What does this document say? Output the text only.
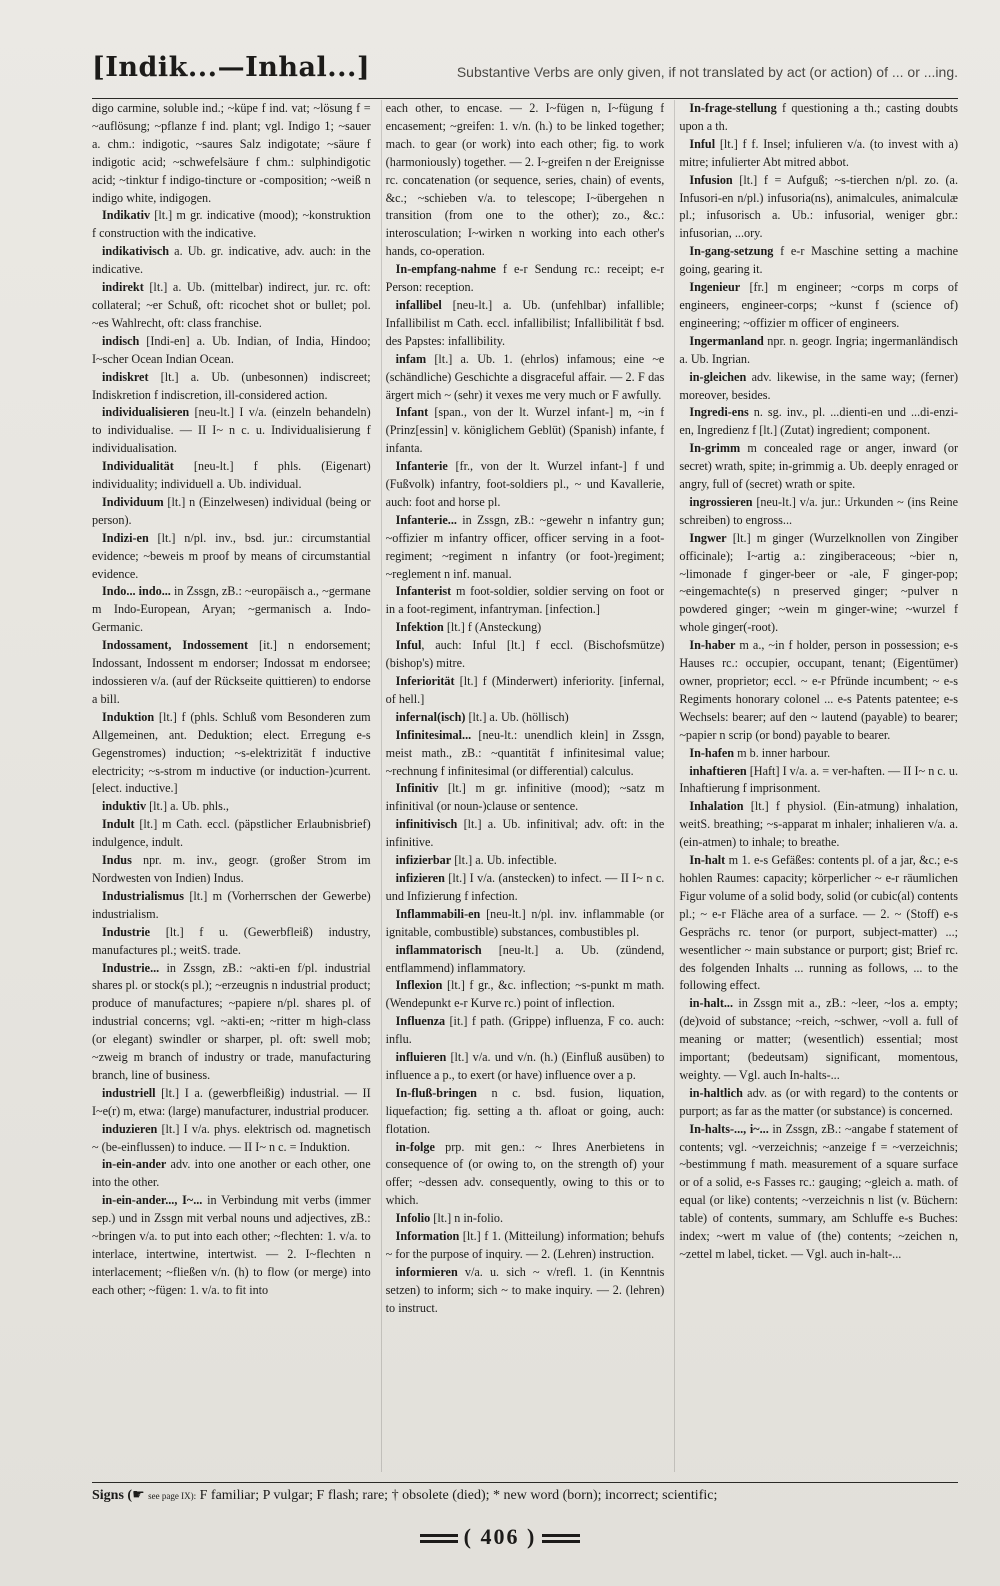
[Indik...—Inhal...]	Substantive Verbs are only given, if not translated by act (or action) of ... or ...ing.

digo carmine, soluble ind.; ~küpe f ind. vat; ~lösung f = ~auflösung; ~pflanze f ind. plant; vgl. Indigo 1; ~sauer a. chm.: indigotic, ~saures Salz indigotate; ~säure f indigotic acid; ~schwefelsäure f chm.: sulphindigotic acid; ~tinktur f indigo-tincture or -composition; ~weiß n indigo white, indigogen.

Indikativ [lt.] m gr. indicative (mood); ~konstruktion f construction with the indicative.

indikativisch a. Ub. gr. indicative, adv. auch: in the indicative.

indirekt [lt.] a. Ub. (mittelbar) indirect, jur. rc. oft: collateral; ~er Schuß, oft: ricochet shot or bullet; pol. ~es Wahlrecht, oft: class franchise.

indisch [Indi-en] a. Ub. Indian, of India, Hindoo; I~scher Ocean Indian Ocean.

indiskret [lt.] a. Ub. (unbesonnen) indiscreet; Indiskretion f indiscretion, ill-considered action.

individualisieren [neu-lt.] I v/a. (einzeln behandeln) to individualise. — II I~ n c. u. Individualisierung f individualisation.

Individualität [neu-lt.] f phls. (Eigenart) individuality; individuell a. Ub. individual.

Individuum [lt.] n (Einzelwesen) individual (being or person).

Indizi-en [lt.] n/pl. inv., bsd. jur.: circumstantial evidence; ~beweis m proof by means of circumstantial evidence.

Indo... indo... in Zssgn, zB.: ~europäisch a., ~germane m Indo-European, Aryan; ~germanisch a. Indo-Germanic.

Indossament, Indossement [it.] n endorsement; Indossant, Indossent m endorser; Indossat m endorsee; indossieren v/a. (auf der Rückseite quittieren) to endorse a bill.

Induktion [lt.] f (phls. Schluß vom Besonderen zum Allgemeinen, ant. Deduktion; elect. Erregung e-s Gegenstromes) induction; ~s-elektrizität f inductive electricity; ~s-strom m inductive (or induction-)current. [elect. inductive.]

induktiv [lt.] a. Ub. phls.,

Indult [lt.] m Cath. eccl. (päpstlicher Erlaubnisbrief) indulgence, indult.

Indus npr. m. inv., geogr. (großer Strom im Nordwesten von Indien) Indus.

Industrialismus [lt.] m (Vorherrschen der Gewerbe) industrialism.

Industrie [lt.] f u. (Gewerbfleiß) industry, manufactures pl.; weitS. trade.

Industrie... in Zssgn, zB.: ~akti-en f/pl. industrial shares pl. or stock(s pl.); ~erzeugnis n industrial product; produce of manufactures; ~papiere n/pl. shares pl. of industrial concerns; vgl. ~akti-en; ~ritter m high-class (or elegant) swindler or sharper, pl. oft: swell mob; ~zweig m branch of industry or trade, manufacturing branch, line of business.

industriell [lt.] I a. (gewerbfleißig) industrial. — II I~e(r) m, etwa: (large) manufacturer, industrial producer.

induzieren [lt.] I v/a. phys. elektrisch od. magnetisch ~ (be-einflussen) to induce. — II I~ n c. = Induktion.

in-ein-ander adv. into one another or each other, one into the other.

in-ein-ander..., I~... in Verbindung mit verbs (immer sep.) und in Zssgn mit verbal nouns und adjectives, zB.: ~bringen v/a. to put into each other; ~flechten: 1. v/a. to interlace, intertwine, intertwist. — 2. I~flechten n interlacement; ~fließen v/n. (h) to flow (or merge) into each other; ~fügen: 1. v/a. to fit into

each other, to encase. — 2. I~fügen n, I~fügung f encasement; ~greifen: 1. v/n. (h.) to be linked together; mach. to gear (or work) into each other; fig. to work (harmoniously) together. — 2. I~greifen n der Ereignisse rc. concatenation (or sequence, series, chain) of events, &c.; ~schieben v/a. to telescope; I~übergehen n transition (from one to the other); zo., &c.: interosculation; I~wirken n working into each other's hands, co-operation.

In-empfang-nahme f e-r Sendung rc.: receipt; e-r Person: reception.

infallibel [neu-lt.] a. Ub. (unfehlbar) infallible; Infallibilist m Cath. eccl. infallibilist; Infallibilität f bsd. des Papstes: infallibility.

infam [lt.] a. Ub. 1. (ehrlos) infamous; eine ~e (schändliche) Geschichte a disgraceful affair. — 2. F das ärgert mich ~ (sehr) it vexes me very much or F awfully.

Infant [span., von der lt. Wurzel infant-] m, ~in f (Prinz[essin] v. königlichem Geblüt) (Spanish) infante, f infanta.

Infanterie [fr., von der lt. Wurzel infant-] f und (Fußvolk) infantry, foot-soldiers pl., ~ und Kavallerie, auch: foot and horse pl.

Infanterie... in Zssgn, zB.: ~gewehr n infantry gun; ~offizier m infantry officer, officer serving in a foot-regiment; ~regiment n infantry (or foot-)regiment; ~reglement n inf. manual.

Infanterist m foot-soldier, soldier serving on foot or in a foot-regiment, infantryman. [infection.]

Infektion [lt.] f (Ansteckung)

Inful, auch: Inful [lt.] f eccl. (Bischofsmütze) (bishop's) mitre.

Inferiorität [lt.] f (Minderwert) inferiority. [infernal, of hell.]

infernal(isch) [lt.] a. Ub. (höllisch)

Infinitesimal... [neu-lt.: unendlich klein] in Zssgn, meist math., zB.: ~quantität f infinitesimal value; ~rechnung f infinitesimal (or differential) calculus.

Infinitiv [lt.] m gr. infinitive (mood); ~satz m infinitival (or noun-)clause or sentence.

infinitivisch [lt.] a. Ub. infinitival; adv. oft: in the infinitive.

infizierbar [lt.] a. Ub. infectible.

infizieren [lt.] I v/a. (anstecken) to infect. — II I~ n c. und Infizierung f infection.

Inflammabili-en [neu-lt.] n/pl. inv. inflammable (or ignitable, combustible) substances, combustibles pl.

inflammatorisch [neu-lt.] a. Ub. (zündend, entflammend) inflammatory.

Inflexion [lt.] f gr., &c. inflection; ~s-punkt m math. (Wendepunkt e-r Kurve rc.) point of inflection.

Influenza [it.] f path. (Grippe) influenza, F co. auch: influ.

influieren [lt.] v/a. und v/n. (h.) (Einfluß ausüben) to influence a p., to exert (or have) influence over a p.

In-fluß-bringen n c. bsd. fusion, liquation, liquefaction; fig. setting a th. afloat or going, auch: flotation.

in-folge prp. mit gen.: ~ Ihres Anerbietens in consequence of (or owing to, on the strength of) your offer; ~dessen adv. consequently, owing to this or to which.

Infolio [lt.] n in-folio.

Information [lt.] f 1. (Mitteilung) information; behufs ~ for the purpose of inquiry. — 2. (Lehren) instruction.

informieren v/a. u. sich ~ v/refl. 1. (in Kenntnis setzen) to inform; sich ~ to make inquiry. — 2. (lehren) to instruct.

In-frage-stellung f questioning a th.; casting doubts upon a th.

Inful [lt.] f f. Insel; infulieren v/a. (to invest with a) mitre; infulierter Abt mitred abbot.

Infusion [lt.] f = Aufguß; ~s-tierchen n/pl. zo. (a. Infusori-en n/pl.) infusoria(ns), animalcules, animalculæ pl.; infusorisch a. Ub.: infusorial, weniger gbr.: infusorian, ...ory.

In-gang-setzung f e-r Maschine setting a machine going, gearing it.

Ingenieur [fr.] m engineer; ~corps m corps of engineers, engineer-corps; ~kunst f (science of) engineering; ~offizier m officer of engineers.

Ingermanland npr. n. geogr. Ingria; ingermanländisch a. Ub. Ingrian.

in-gleichen adv. likewise, in the same way; (ferner) moreover, besides.

Ingredi-ens n. sg. inv., pl. ...dienti-en und ...di-enzi-en, Ingredienz f [lt.] (Zutat) ingredient; component.

In-grimm m concealed rage or anger, inward (or secret) wrath, spite; in-grimmig a. Ub. deeply enraged or angry, full of (secret) wrath or spite.

ingrossieren [neu-lt.] v/a. jur.: Urkunden ~ (ins Reine schreiben) to engross...

Ingwer [lt.] m ginger (Wurzelknollen von Zingiber officinale); I~artig a.: zingiberaceous; ~bier n, ~limonade f ginger-beer or -ale, F ginger-pop; ~eingemachte(s) n preserved ginger; ~pulver n powdered ginger; ~wein m ginger-wine; ~wurzel f whole ginger(-root).

In-haber m a., ~in f holder, person in possession; e-s Hauses rc.: occupier, occupant, tenant; (Eigentümer) owner, proprietor; eccl. ~ e-r Pfründe incumbent; ~ e-s Regiments honorary colonel ... e-s Patents patentee; e-s Wechsels: bearer; auf den ~ lautend (payable) to bearer; ~papier n scrip (or bond) payable to bearer.

In-hafen m b. inner harbour.

inhaftieren [Haft] I v/a. a. = ver-haften. — II I~ n c. u. Inhaftierung f imprisonment.

Inhalation [lt.] f physiol. (Ein-atmung) inhalation, weitS. breathing; ~s-apparat m inhaler; inhalieren v/a. a. (ein-atmen) to inhale; to breathe.

In-halt m 1. e-s Gefäßes: contents pl. of a jar, &c.; e-s hohlen Raumes: capacity; körperlicher ~ e-r räumlichen Figur volume of a solid body, solid (or cubic(al) contents pl.; ~ e-r Fläche area of a surface. — 2. ~ (Stoff) e-s Gesprächs rc. tenor (or purport, subject-matter) ...; wesentlicher ~ main substance or purport; gist; Brief rc. des folgenden Inhalts ... running as follows, ... to the following effect.

in-halt... in Zssgn mit a., zB.: ~leer, ~los a. empty; (de)void of substance; ~reich, ~schwer, ~voll a. full of meaning or matter; (wesentlich) essential; most important; (bedeutsam) significant, momentous, weighty. — Vgl. auch In-halts-...

in-haltlich adv. as (or with regard) to the contents or purport; as far as the matter (or substance) is concerned.

In-halts-..., i~... in Zssgn, zB.: ~angabe f statement of contents; vgl. ~verzeichnis; ~anzeige f = ~verzeichnis; ~bestimmung f math. measurement of a square surface or of a solid, e-s Fasses rc.: gauging; ~gleich a. math. of equal (or like) contents; ~verzeichnis n list (v. Büchern: table) of contents, summary, am Schluffe e-s Buches: index; ~wert m value of (the) contents; ~zeichen n, ~zettel m label, ticket. — Vgl. auch in-halt-...

Signs (☛ see page IX): F familiar; P vulgar; F flash; rare; † obsolete (died); * new word (born); incorrect; scientific;
( 406 )
